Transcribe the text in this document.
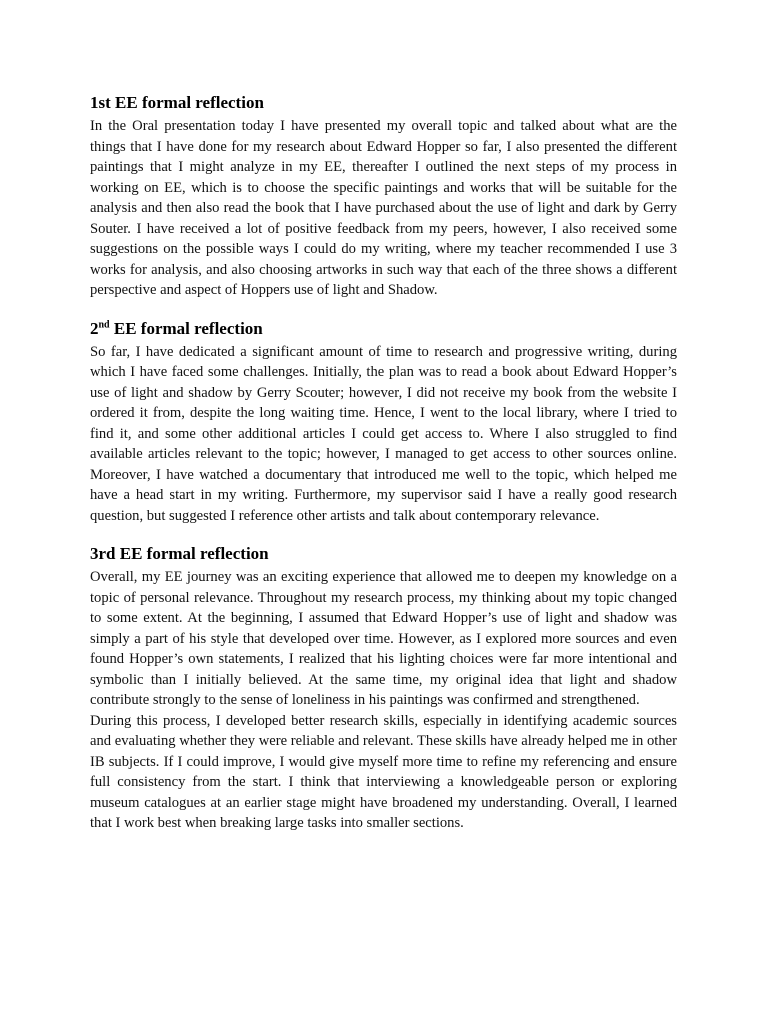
1st EE formal reflection

In the Oral presentation today I have presented my overall topic and talked about what are the things that I have done for my research about Edward Hopper so far, I also presented the different paintings that I might analyze in my EE, thereafter I outlined the next steps of my process in working on EE, which is to choose the specific paintings and works that will be suitable for the analysis and then also read the book that I have purchased about the use of light and dark by Gerry Souter. I have received a lot of positive feedback from my peers, however, I also received some suggestions on the possible ways I could do my writing, where my teacher recommended I use 3 works for analysis, and also choosing artworks in such way that each of the three shows a different perspective and aspect of Hoppers use of light and Shadow.

2nd EE formal reflection

So far, I have dedicated a significant amount of time to research and progressive writing, during which I have faced some challenges. Initially, the plan was to read a book about Edward Hopper’s use of light and shadow by Gerry Scouter; however, I did not receive my book from the website I ordered it from, despite the long waiting time. Hence, I went to the local library, where I tried to find it, and some other additional articles I could get access to. Where I also struggled to find available articles relevant to the topic; however, I managed to get access to other sources online. Moreover, I have watched a documentary that introduced me well to the topic, which helped me have a head start in my writing. Furthermore, my supervisor said I have a really good research question, but suggested I reference other artists and talk about contemporary relevance.

3rd EE formal reflection

Overall, my EE journey was an exciting experience that allowed me to deepen my knowledge on a topic of personal relevance. Throughout my research process, my thinking about my topic changed to some extent. At the beginning, I assumed that Edward Hopper’s use of light and shadow was simply a part of his style that developed over time. However, as I explored more sources and even found Hopper’s own statements, I realized that his lighting choices were far more intentional and symbolic than I initially believed. At the same time, my original idea that light and shadow contribute strongly to the sense of loneliness in his paintings was confirmed and strengthened.

During this process, I developed better research skills, especially in identifying academic sources and evaluating whether they were reliable and relevant. These skills have already helped me in other IB subjects. If I could improve, I would give myself more time to refine my referencing and ensure full consistency from the start. I think that interviewing a knowledgeable person or exploring museum catalogues at an earlier stage might have broadened my understanding. Overall, I learned that I work best when breaking large tasks into smaller sections.
